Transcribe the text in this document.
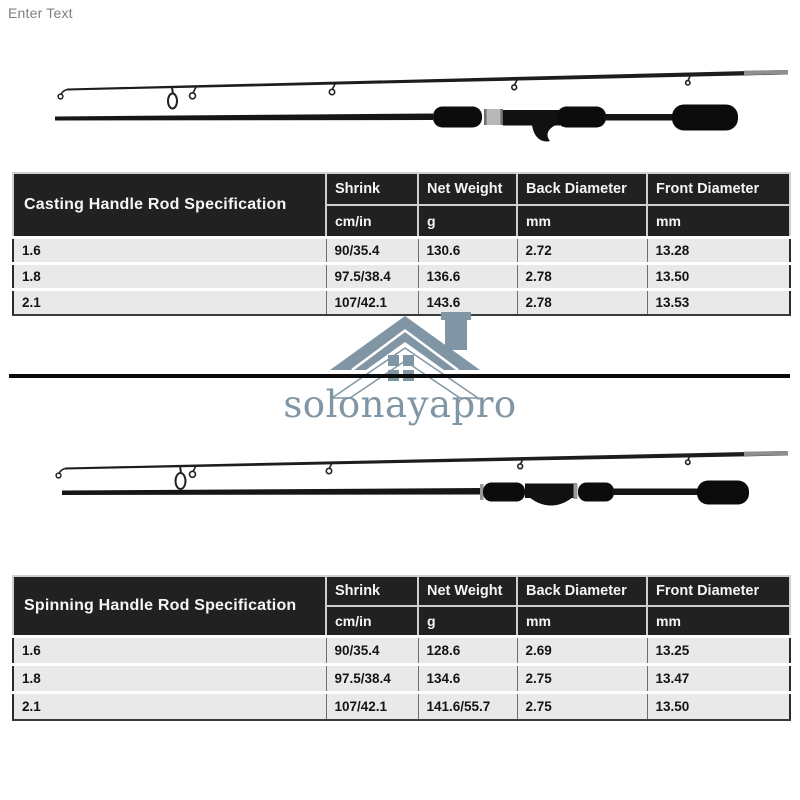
Enter Text
Casting Handle Rod Specification	Shrink	Net Weight	Back Diameter	Front Diameter
	cm/in	g	mm	mm
1.6	90/35.4	130.6	2.72	13.28
1.8	97.5/38.4	136.6	2.78	13.50
2.1	107/42.1	143.6	2.78	13.53
solonayapro
Spinning Handle Rod Specification	Shrink	Net Weight	Back Diameter	Front Diameter
	cm/in	g	mm	mm
1.6	90/35.4	128.6	2.69	13.25
1.8	97.5/38.4	134.6	2.75	13.47
2.1	107/42.1	141.6/55.7	2.75	13.50
